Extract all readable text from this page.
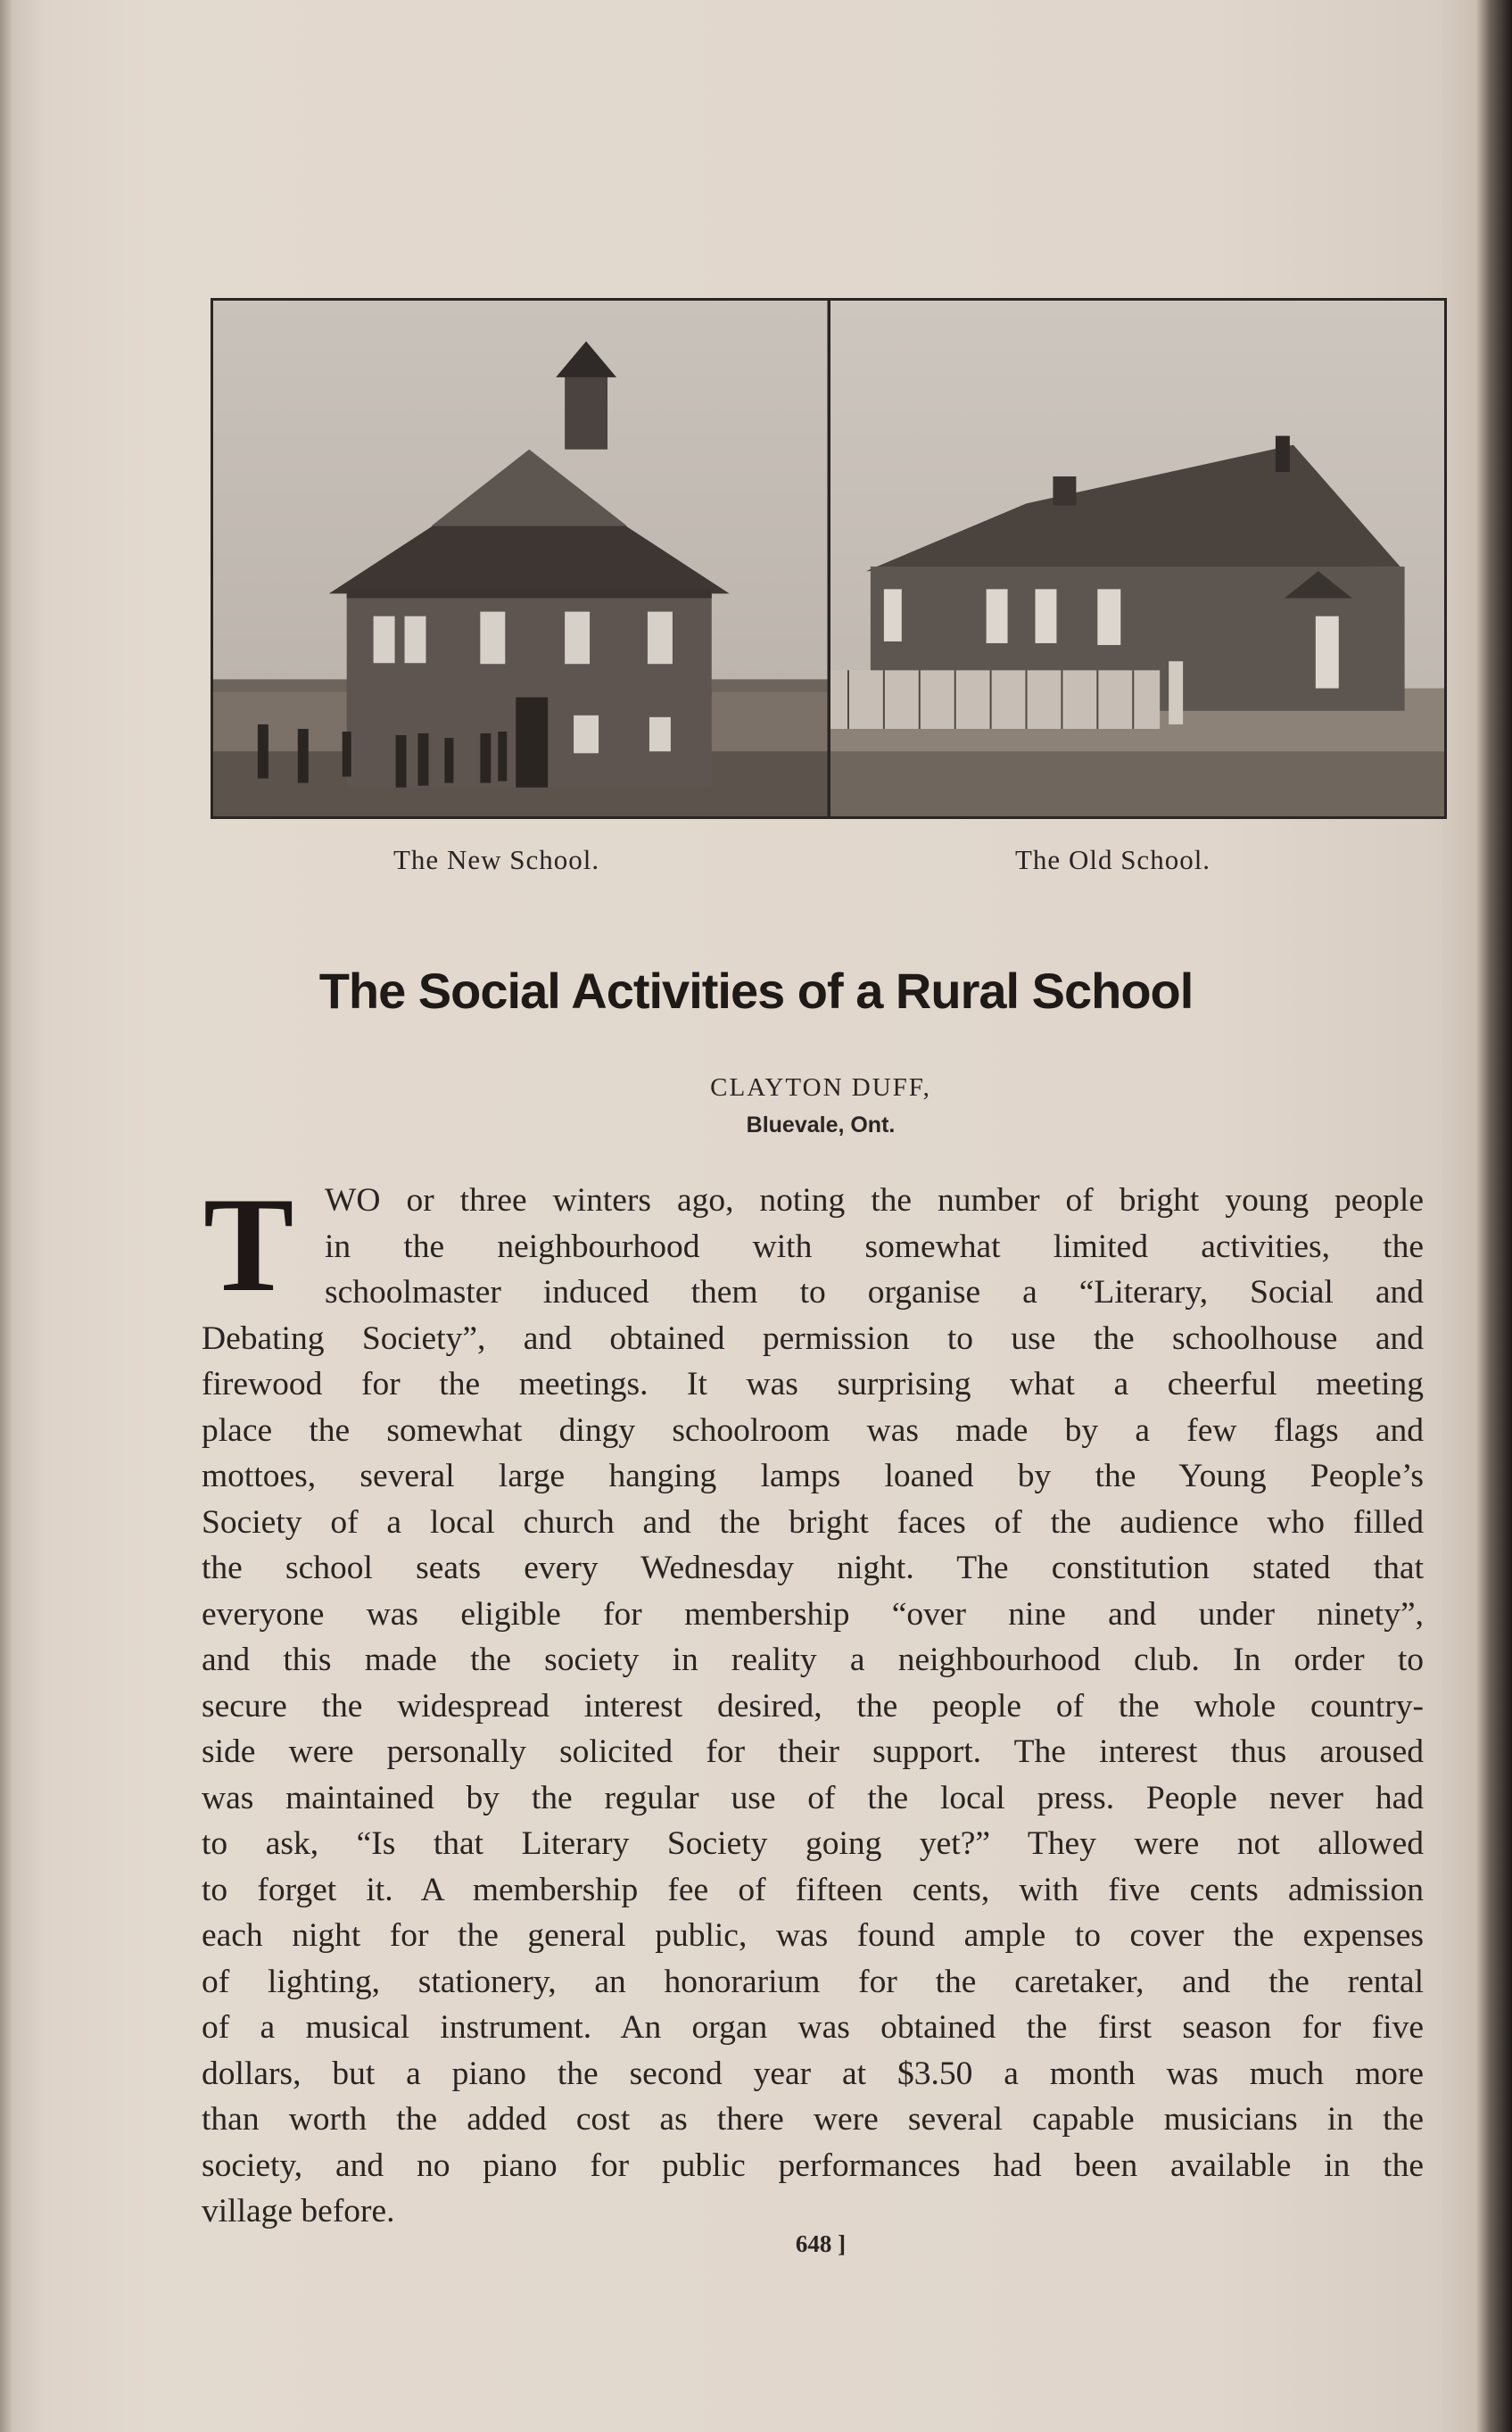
The New School.	The Old School.
The Social Activities of a Rural School
CLAYTON DUFF,
Bluevale, Ont.
T WO or three winters ago, noting the number of bright young people
in the neighbourhood with somewhat limited activities, the
schoolmaster induced them to organise a “Literary, Social and
Debating Society”, and obtained permission to use the schoolhouse and
firewood for the meetings. It was surprising what a cheerful meeting
place the somewhat dingy schoolroom was made by a few flags and
mottoes, several large hanging lamps loaned by the Young People’s
Society of a local church and the bright faces of the audience who filled
the school seats every Wednesday night. The constitution stated that
everyone was eligible for membership “over nine and under ninety”,
and this made the society in reality a neighbourhood club. In order to
secure the widespread interest desired, the people of the whole country-
side were personally solicited for their support. The interest thus aroused
was maintained by the regular use of the local press. People never had
to ask, “Is that Literary Society going yet?” They were not allowed
to forget it. A membership fee of fifteen cents, with five cents admission
each night for the general public, was found ample to cover the expenses
of lighting, stationery, an honorarium for the caretaker, and the rental
of a musical instrument. An organ was obtained the first season for five
dollars, but a piano the second year at $3.50 a month was much more
than worth the added cost as there were several capable musicians in the
society, and no piano for public performances had been available in the
village before.
648 ]
